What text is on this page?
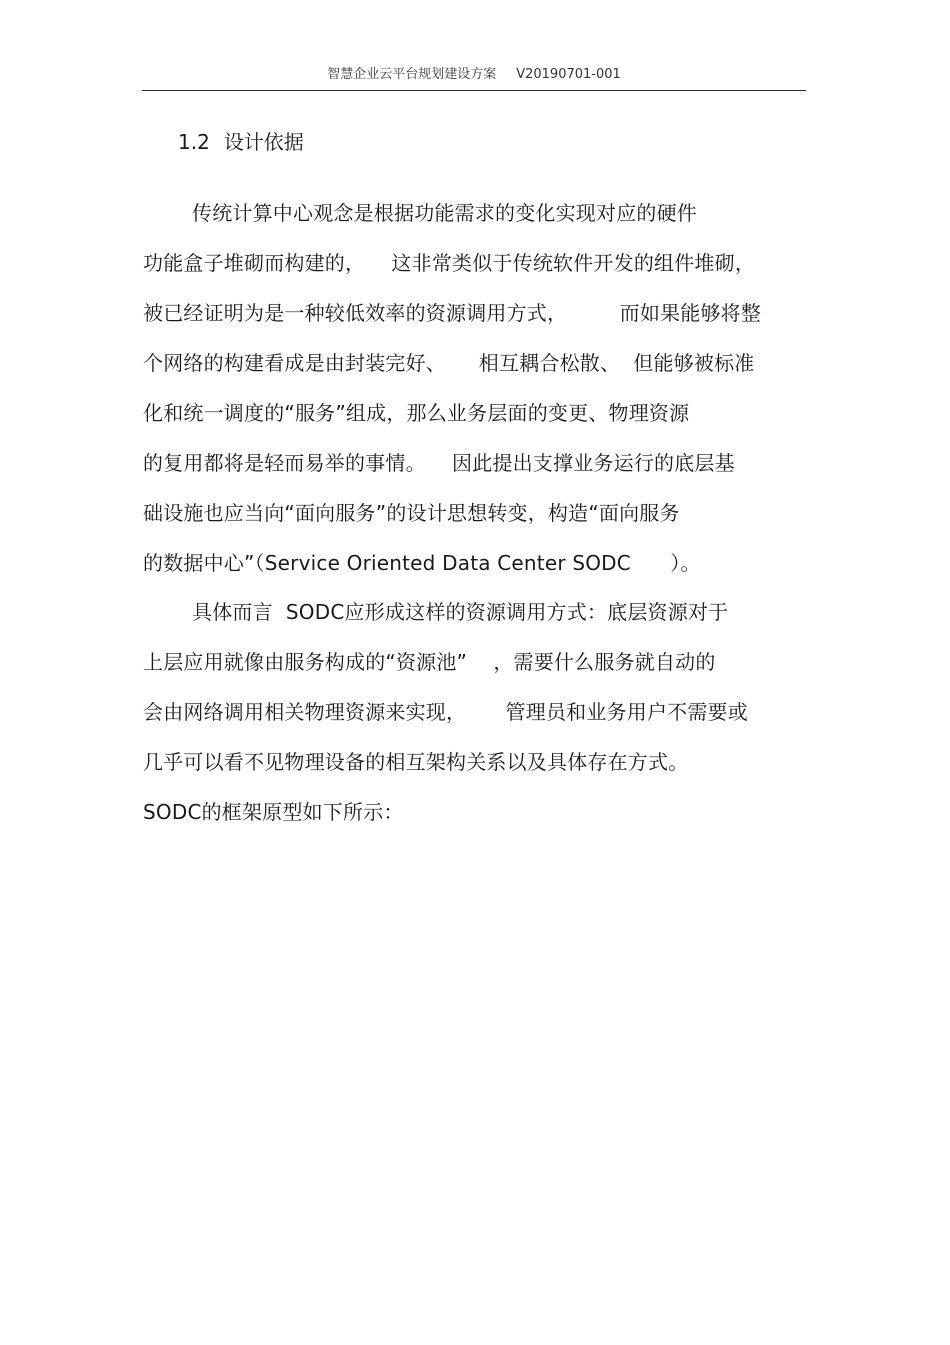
智慧企业云平台规划建设方案 V20190701-001
1.2 设计依据
传统计算中心观念是根据功能需求的变化实现对应的硬件
功能盒子堆砌而构建的，    这非常类似于传统软件开发的组件堆砌，
被已经证明为是一种较低效率的资源调用方式，        而如果能够将整
个网络的构建看成是由封装完好、     相互耦合松散、  但能够被标准
化和统一调度的“服务”组成，那么业务层面的变更、物理资源
的复用都将是轻而易举的事情。    因此提出支撑业务运行的底层基
础设施也应当向“面向服务”的设计思想转变，构造“面向服务
的数据中心”（Service Oriented Data Center SODC      ）。
具体而言  SODC应形成这样的资源调用方式：底层资源对于
上层应用就像由服务构成的“资源池”    ，需要什么服务就自动的
会由网络调用相关物理资源来实现，      管理员和业务用户不需要或
几乎可以看不见物理设备的相互架构关系以及具体存在方式。
SODC的框架原型如下所示：
